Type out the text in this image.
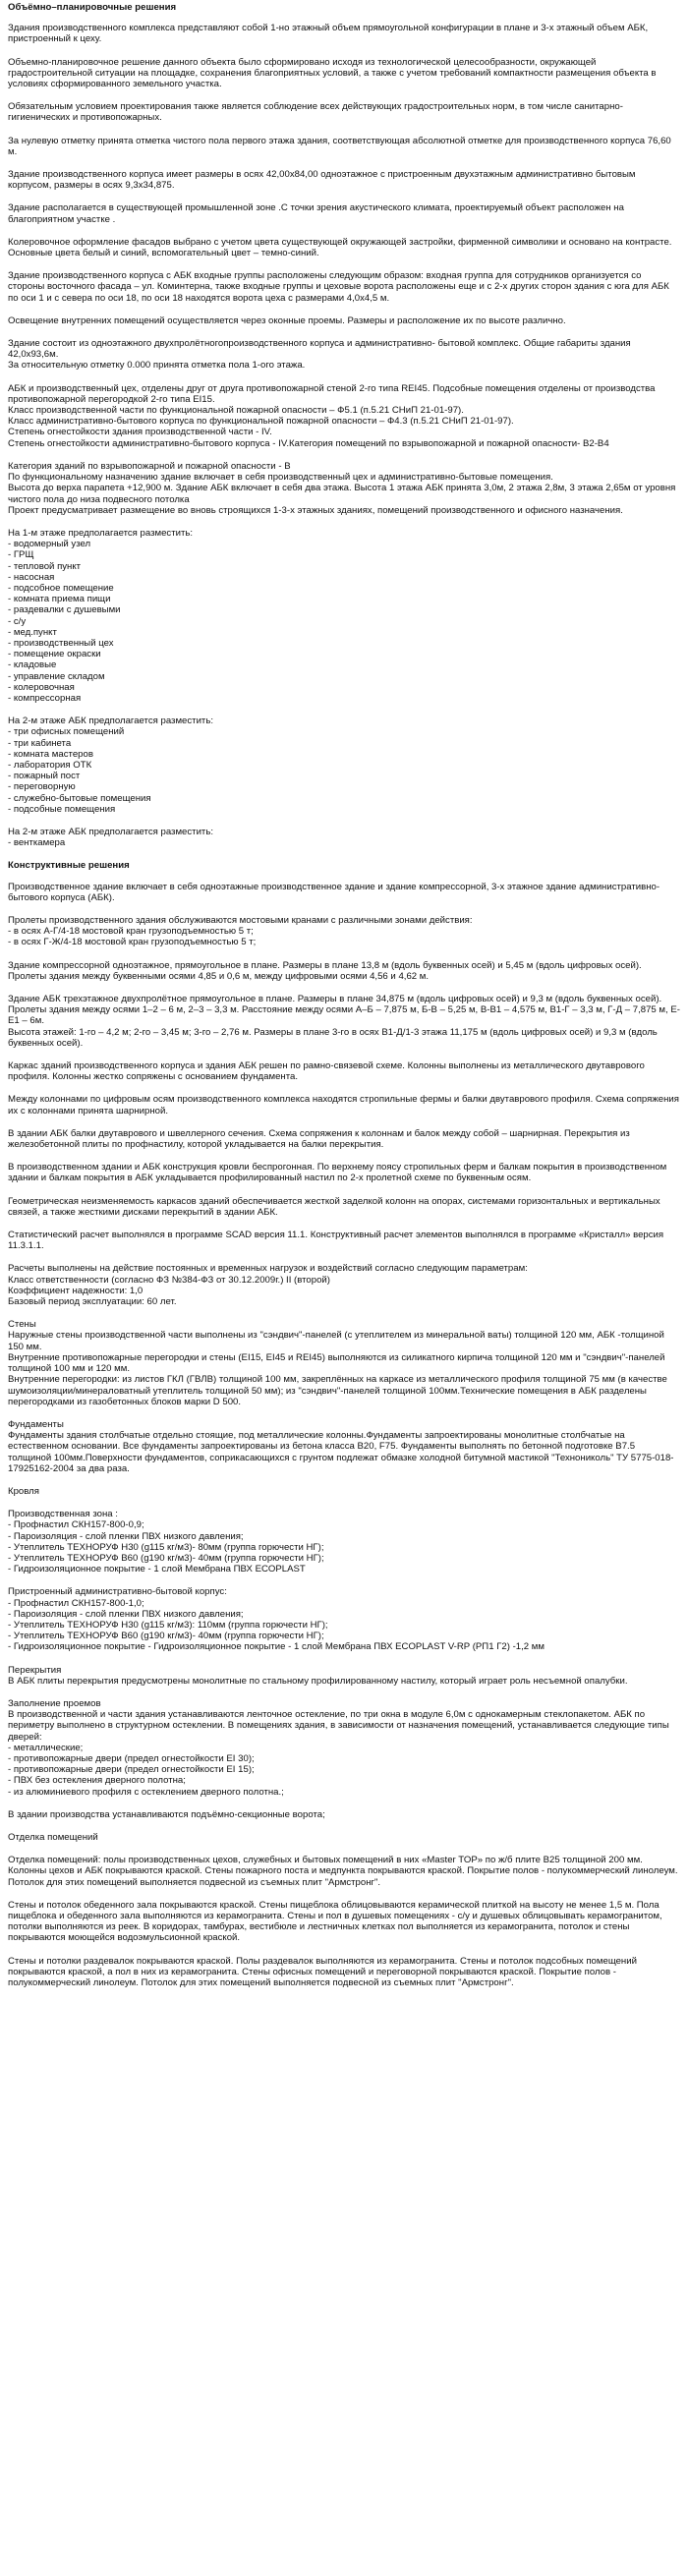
Объёмно–планировочные решения
Здания производственного комплекса представляют собой 1-но этажный объем прямоугольной конфигурации в плане и 3-х этажный объем АБК, пристроенный к цеху.
Объемно-планировочное решение данного объекта было сформировано исходя из технологической целесообразности, окружающей градостроительной ситуации на площадке, сохранения благоприятных условий, а также с учетом требований компактности размещения объекта в условиях сформированного земельного участка.
Обязательным условием проектирования также является соблюдение всех действующих градостроительных норм, в том числе санитарно-гигиенических и противопожарных.
За нулевую отметку принята отметка чистого пола первого этажа здания, соответствующая абсолютной отметке для производственного корпуса 76,60 м.
Здание производственного корпуса имеет размеры в осях 42,00х84,00 одноэтажное с пристроенным двухэтажным административно бытовым корпусом, размеры в осях 9,3х34,875.
Здание располагается в существующей промышленной зоне .С точки зрения акустического климата, проектируемый объект расположен на благоприятном участке .
Колеровочное оформление фасадов выбрано с учетом цвета существующей окружающей застройки, фирменной символики и основано на контрасте. Основные цвета белый и синий, вспомогательный цвет – темно-синий.
Здание производственного корпуса с АБК входные группы расположены следующим образом: входная группа для сотрудников организуется со стороны восточного фасада – ул. Коминтерна, также входные группы и цеховые ворота расположены еще и с 2-х других сторон здания с юга для АБК по оси 1 и с севера по оси 18, по оси 18 находятся ворота цеха с размерами 4,0х4,5 м.
Освещение внутренних помещений осуществляется через оконные проемы. Размеры и расположение их по высоте различно.
Здание состоит из одноэтажного двухпролётногопроизводственного корпуса и административно- бытовой комплекс. Общие габариты здания 42,0х93,6м.
За относительную отметку 0.000 принята отметка пола 1-ого этажа.
АБК и производственный цех, отделены друг от друга противопожарной стеной 2-го типа REI45. Подсобные помещения отделены от производства противопожарной перегородкой 2-го типа EI15.
Класс производственной части по функциональной пожарной опасности – Ф5.1 (п.5.21 СНиП 21-01-97).
Класс административно-бытового корпуса по функциональной пожарной опасности – Ф4.3 (п.5.21 СНиП 21-01-97).
Степень огнестойкости здания производственной части - IV.
Степень огнестойкости административно-бытового корпуса - IV.Категория помещений по взрывопожарной и пожарной опасности- В2-В4
Категория зданий по взрывопожарной и пожарной опасности - В
По функциональному назначению здание включает в себя производственный цех и административно-бытовые помещения.
Высота до верха парапета +12,900 м. Здание АБК включает в себя два этажа. Высота 1 этажа АБК принята 3,0м, 2 этажа 2,8м, 3 этажа 2,65м от уровня чистого пола до низа подвесного потолка
Проект предусматривает размещение во вновь строящихся 1-3-х этажных зданиях, помещений производственного и офисного назначения.
На 1-м этаже предполагается разместить:
- водомерный узел
- ГРЩ
- тепловой пункт
- насосная
- подсобное помещение
- комната приема пищи
- раздевалки с душевыми
- с/у
- мед.пункт
- производственный цех
- помещение окраски
- кладовые
- управление складом
- колеровочная
- компрессорная
На 2-м этаже АБК предполагается разместить:
- три офисных помещений
- три кабинета
- комната мастеров
- лаборатория ОТК
- пожарный пост
- переговорную
- служебно-бытовые помещения
- подсобные помещения
На 2-м этаже АБК предполагается разместить:
- венткамера
Конструктивные решения
Производственное здание включает в себя одноэтажные производственное здание и здание компрессорной, 3-х этажное здание административно-бытового корпуса (АБК).
Пролеты производственного здания обслуживаются мостовыми кранами с различными зонами действия:
- в осях А-Г/4-18 мостовой кран грузоподъемностью 5 т;
- в осях Г-Ж/4-18 мостовой кран грузоподъемностью 5 т;
Здание компрессорной одноэтажное, прямоугольное в плане. Размеры в плане 13,8 м (вдоль буквенных осей) и 5,45 м (вдоль цифровых осей). Пролеты здания между буквенными осями 4,85 и 0,6 м, между цифровыми осями 4,56 и 4,62 м.
Здание АБК трехэтажное двухпролётное прямоугольное в плане. Размеры в плане 34,875 м (вдоль цифровых осей) и 9,3 м (вдоль буквенных осей). Пролеты здания между осями 1–2 – 6 м, 2–3 – 3,3 м. Расстояние между осями А–Б – 7,875 м, Б-В – 5,25 м, В-В1 – 4,575 м, В1-Г – 3,3 м, Г-Д – 7,875 м, Е-Е1 – 6м.
Высота этажей: 1-го – 4,2 м; 2-го – 3,45 м; 3-го – 2,76 м. Размеры в плане 3-го в осях В1-Д/1-3 этажа 11,175 м (вдоль цифровых осей) и 9,3 м (вдоль буквенных осей).
Каркас зданий производственного корпуса и здания АБК решен по рамно-связевой схеме. Колонны выполнены из металлического двутаврового профиля. Колонны жестко сопряжены с основанием фундамента.
Между колоннами по цифровым осям производственного комплекса находятся стропильные фермы и балки двутаврового профиля. Схема сопряжения их с колоннами принята шарнирной.
В здании АБК балки двутаврового и швеллерного сечения. Схема сопряжения к колоннам и балок между собой – шарнирная. Перекрытия из железобетонной плиты по профнастилу, которой укладывается на балки перекрытия.
В производственном здании и АБК конструкция кровли беспрогонная. По верхнему поясу стропильных ферм и балкам покрытия в производственном здании и балкам покрытия в АБК укладывается профилированный настил по 2-х пролетной схеме по буквенным осям.
Геометрическая неизменяемость каркасов зданий обеспечивается жесткой заделкой колонн на опорах, системами горизонтальных и вертикальных связей, а также жесткими дисками перекрытий в здании АБК.
Статистический расчет выполнялся в программе SCAD версия 11.1. Конструктивный расчет элементов выполнялся в программе «Кристалл» версия 11.3.1.1.
Расчеты выполнены на действие постоянных и временных нагрузок и воздействий согласно следующим параметрам:
Класс ответственности (согласно ФЗ №384-ФЗ от 30.12.2009г.) II (второй)
Коэффициент надежности: 1,0
Базовый период эксплуатации: 60 лет.
Стены
Наружные стены производственной части выполнены из "сэндвич"-панелей (с утеплителем из минеральной ваты) толщиной 120 мм, АБК -толщиной 150 мм.
Внутренние противопожарные перегородки и стены (EI15, EI45 и REI45) выполняются из силикатного кирпича толщиной 120 мм и "сэндвич"-панелей толщиной 100 мм и 120 мм.
Внутренние перегородки: из листов ГКЛ (ГВЛВ) толщиной 100 мм, закреплённых на каркасе из металлического профиля толщиной 75 мм (в качестве шумоизоляции/минераловатный утеплитель толщиной 50 мм); из "сэндвич"-панелей толщиной 100мм.Технические помещения в АБК разделены перегородками из газобетонных блоков марки D 500.
Фундаменты
Фундаменты здания столбчатые отдельно стоящие, под металлические колонны.Фундаменты запроектированы монолитные столбчатые на естественном основании. Все фундаменты запроектированы из бетона класса В20, F75. Фундаменты выполнять по бетонной подготовке В7.5 толщиной 100мм.Поверхности фундаментов, соприкасающихся с грунтом подлежат обмазке холодной битумной мастикой "Технониколь" ТУ 5775-018-17925162-2004 за два раза.
Кровля
Производственная зона :
- Профнастил СКН157-800-0,9;
- Пароизоляция - слой пленки ПВХ низкого давления;
- Утеплитель ТЕХНОРУФ Н30 (g115 кг/м3)- 80мм (группа горючести НГ);
- Утеплитель ТЕХНОРУФ В60 (g190 кг/м3)- 40мм (группа горючести НГ);
- Гидроизоляционное покрытие - 1 слой Мембрана ПВХ ECOPLAST
Пристроенный административно-бытовой корпус:
- Профнастил СКН157-800-1,0;
- Пароизоляция - слой пленки ПВХ низкого давления;
- Утеплитель ТЕХНОРУФ Н30 (g115 кг/м3): 110мм (группа горючести НГ);
- Утеплитель ТЕХНОРУФ В60 (g190 кг/м3)- 40мм (группа горючести НГ);
- Гидроизоляционное покрытие - Гидроизоляционное покрытие - 1 слой Мембрана ПВХ ECOPLAST V-RP (РП1 Г2) -1,2 мм
Перекрытия
В АБК плиты перекрытия предусмотрены монолитные по стальному профилированному настилу, который играет роль несъемной опалубки.
Заполнение проемов
В производственной и части здания устанавливаются ленточное остекление, по три окна в модуле 6,0м с однокамерным стеклопакетом. АБК по периметру выполнено в структурном остеклении. В помещениях здания, в зависимости от назначения помещений, устанавливается следующие типы дверей:
- металлические;
- противопожарные двери (предел огнестойкости EI 30);
- противопожарные двери (предел огнестойкости EI 15);
- ПВХ без остекления дверного полотна;
- из алюминиевого профиля с остеклением дверного полотна.;
В здании производства устанавливаются подъёмно-секционные ворота;
Отделка помещений
Отделка помещений: полы производственных цехов, служебных и бытовых помещений в них «Master TOP» по ж/б плите В25 толщиной 200 мм. Колонны цехов и АБК покрываются краской. Стены пожарного поста и медпункта покрываются краской. Покрытие полов - полукоммерческий линолеум. Потолок для этих помещений выполняется подвесной из съемных плит "Армстронг".
Стены и потолок обеденного зала покрываются краской. Стены пищеблока облицовываются керамической плиткой на высоту не менее 1,5 м. Пола пищеблока и обеденного зала выполняются из керамогранита. Стены и пол в душевых помещениях - с/у и душевых облицовывать керамогранитом, потолки выполняются из реек. В коридорах, тамбурах, вестибюле и лестничных клетках пол выполняется из керамогранита, потолок и стены покрываются моющейся водоэмульсионной краской.
Стены и потолки раздевалок покрываются краской. Полы раздевалок выполняются из керамогранита. Стены и потолок подсобных помещений покрываются краской, а пол в них из керамогранита. Стены офисных помещений и переговорной покрываются краской. Покрытие полов - полукоммерческий линолеум. Потолок для этих помещений выполняется подвесной из съемных плит "Армстронг".
